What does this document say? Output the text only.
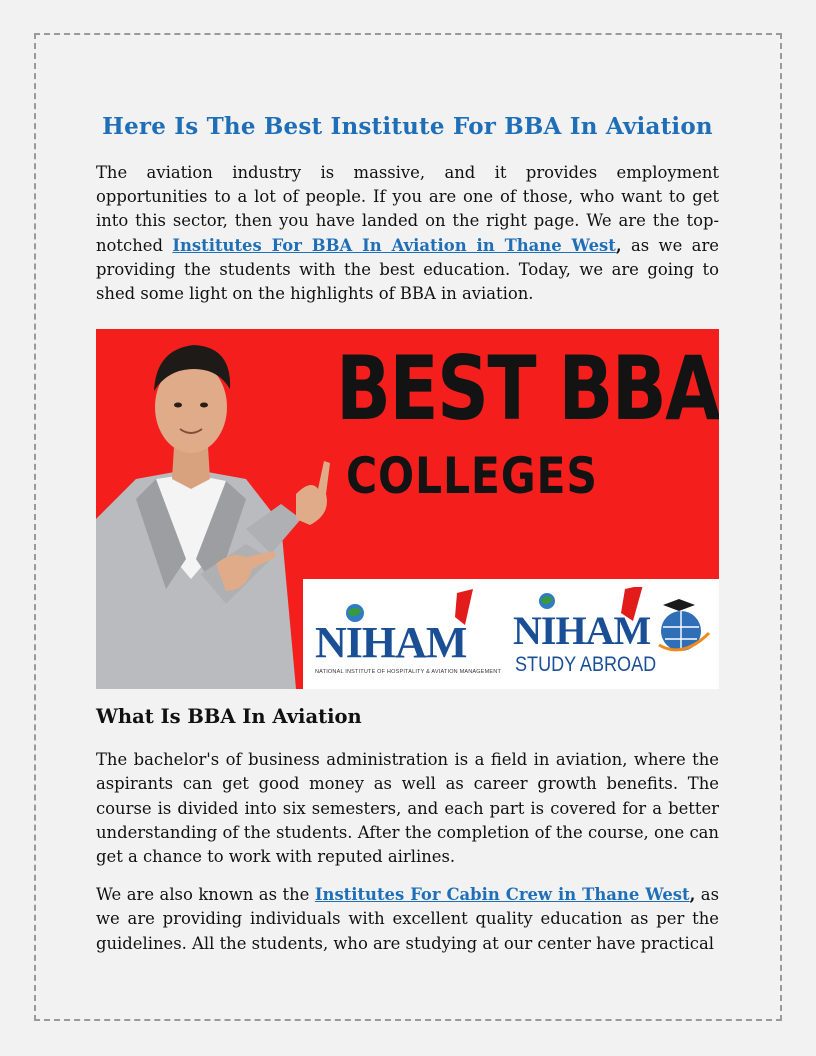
Here Is The Best Institute For BBA In Aviation

The aviation industry is massive, and it provides employment opportunities to a lot of people. If you are one of those, who want to get into this sector, then you have landed on the right page. We are the top-notched Institutes For BBA In Aviation in Thane West, as we are providing the students with the best education. Today, we are going to shed some light on the highlights of BBA in aviation.

BEST BBA
COLLEGES
NIHAM
NATIONAL INSTITUTE OF HOSPITALITY & AVIATION MANAGEMENT
NIHAM
STUDY ABROAD
What Is BBA In Aviation

The bachelor's of business administration is a field in aviation, where the aspirants can get good money as well as career growth benefits. The course is divided into six semesters, and each part is covered for a better understanding of the students. After the completion of the course, one can get a chance to work with reputed airlines.

We are also known as the Institutes For Cabin Crew in Thane West, as we are providing individuals with excellent quality education as per the guidelines. All the students, who are studying at our center have practical
